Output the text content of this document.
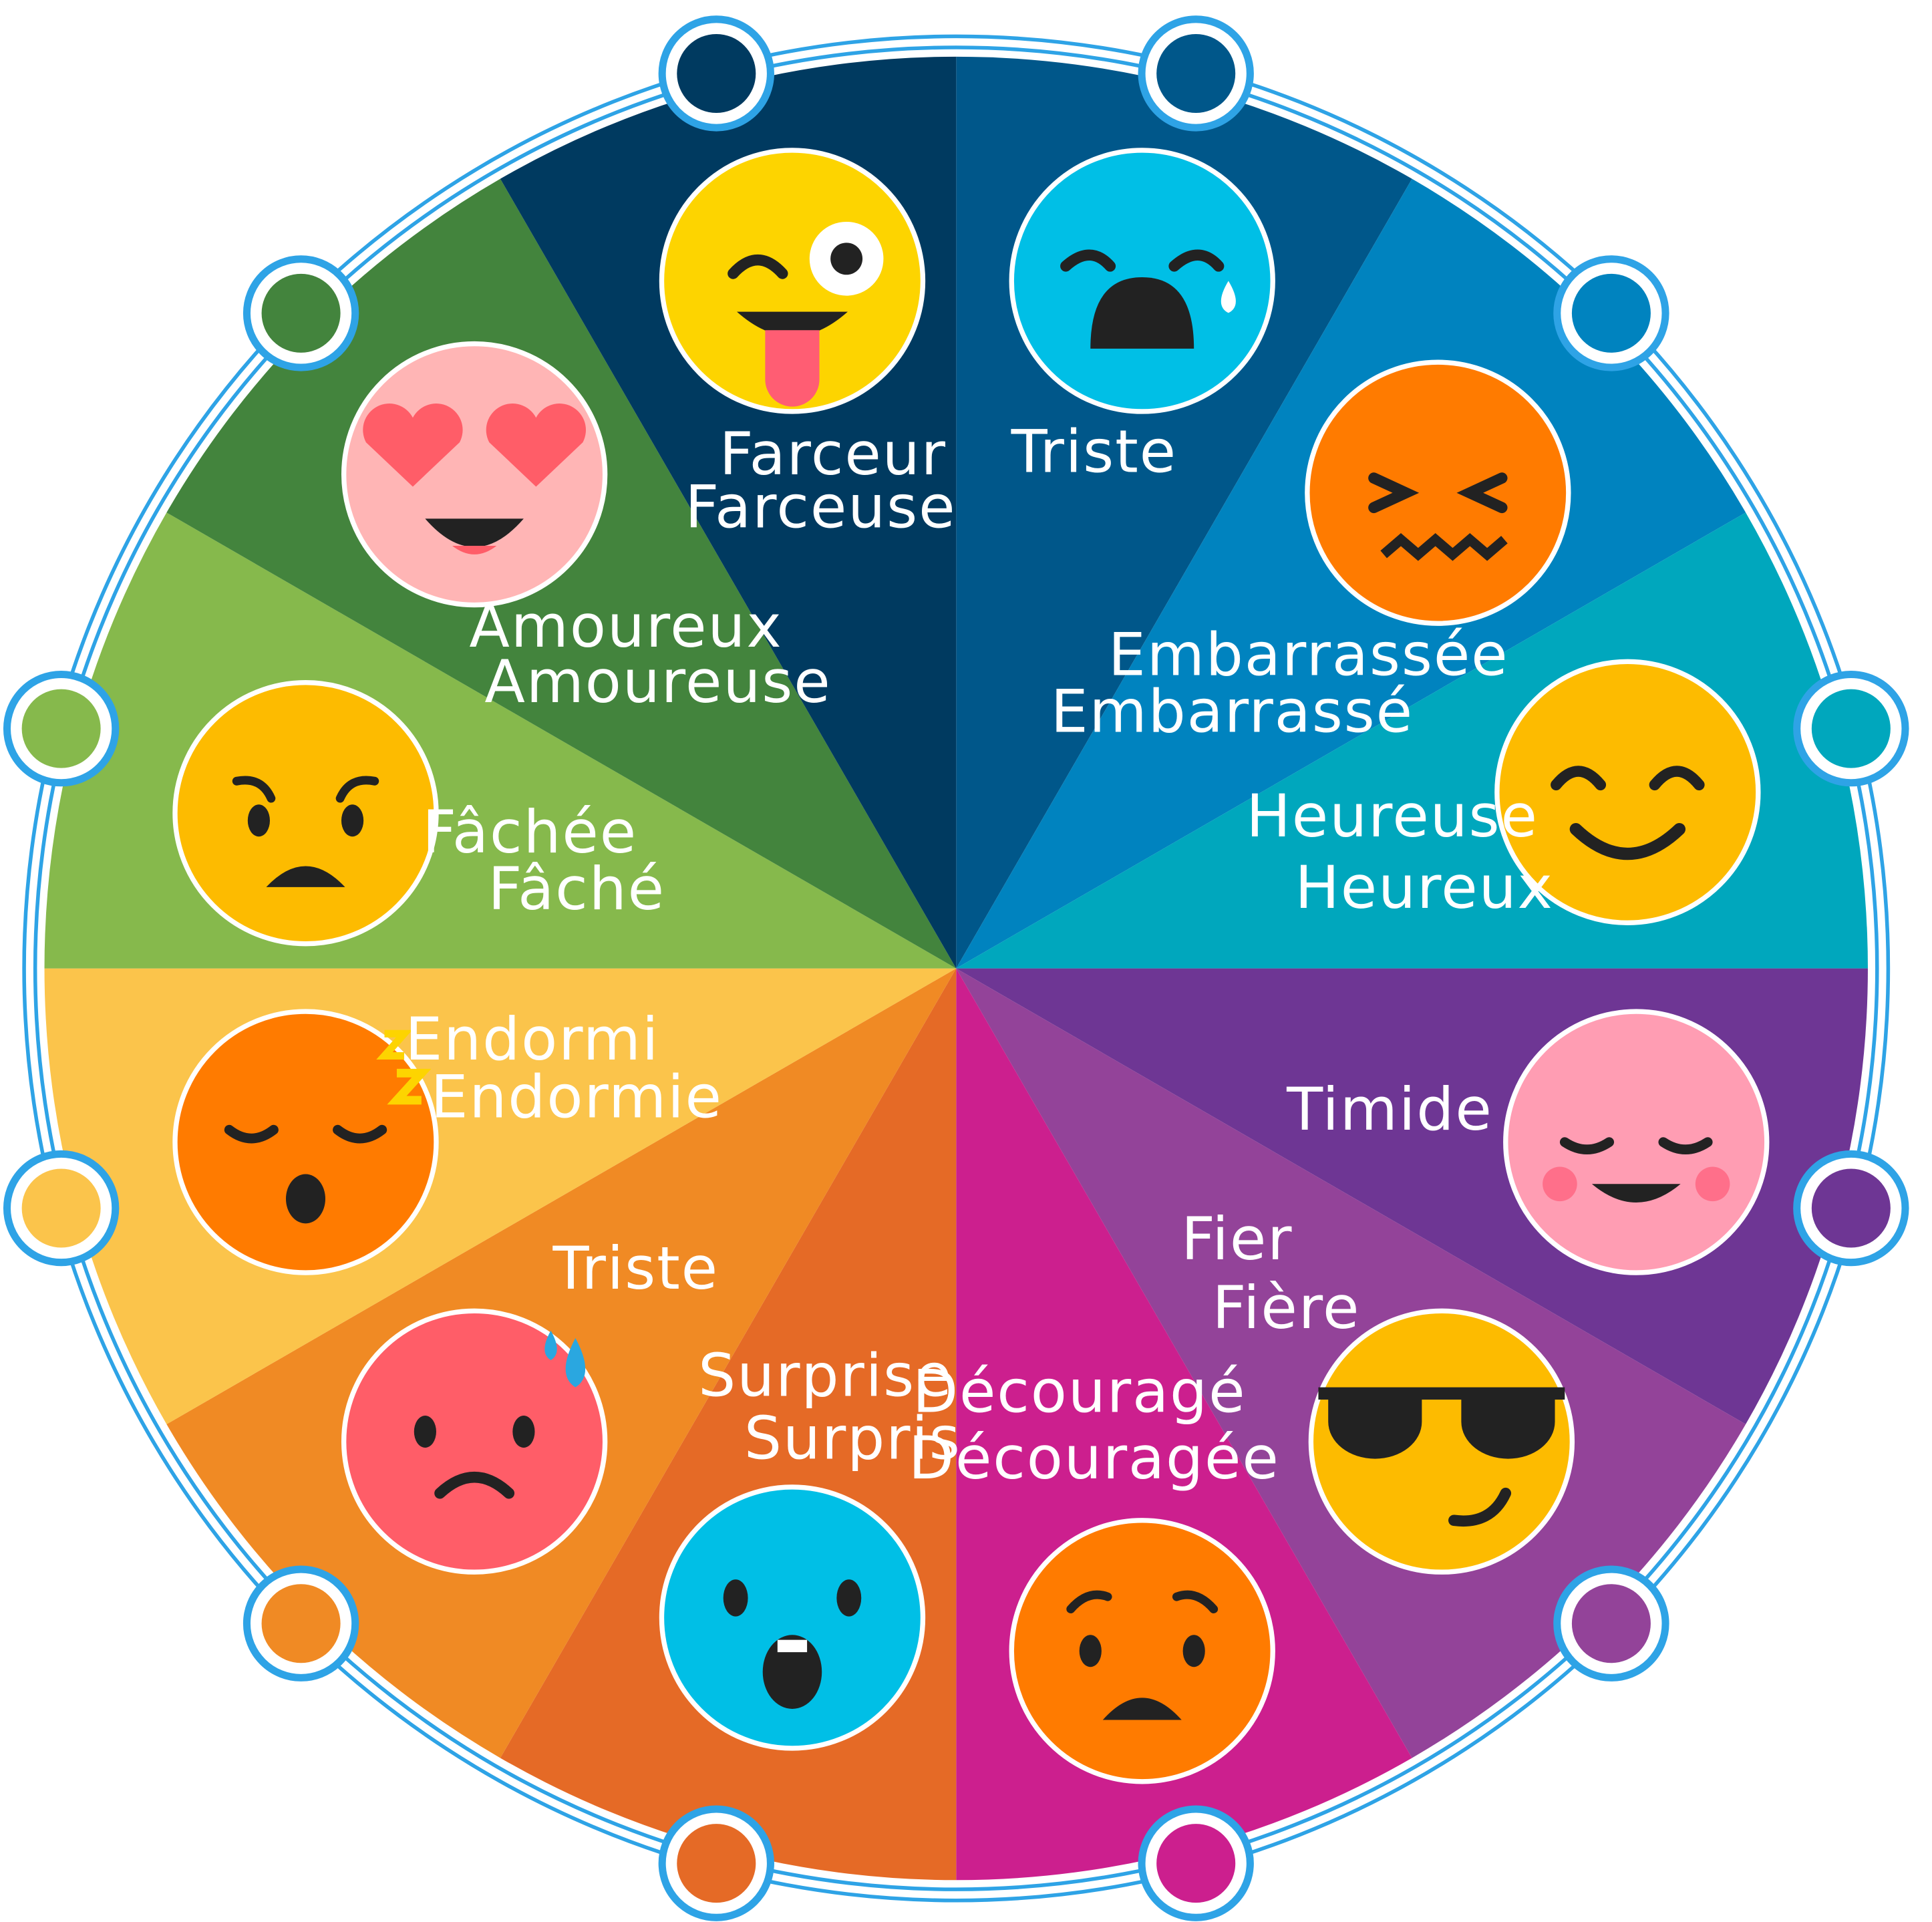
Triste
Embarrassée
Embarrassé
Heureuse
Heureux
Timide
Fier
Fière
Découragé
Découragée
Surprise
Surpris
Triste
Endormi
Endormie
Fâchée
Fâché
Amoureux
Amoureuse
Farceur
Farceuse
